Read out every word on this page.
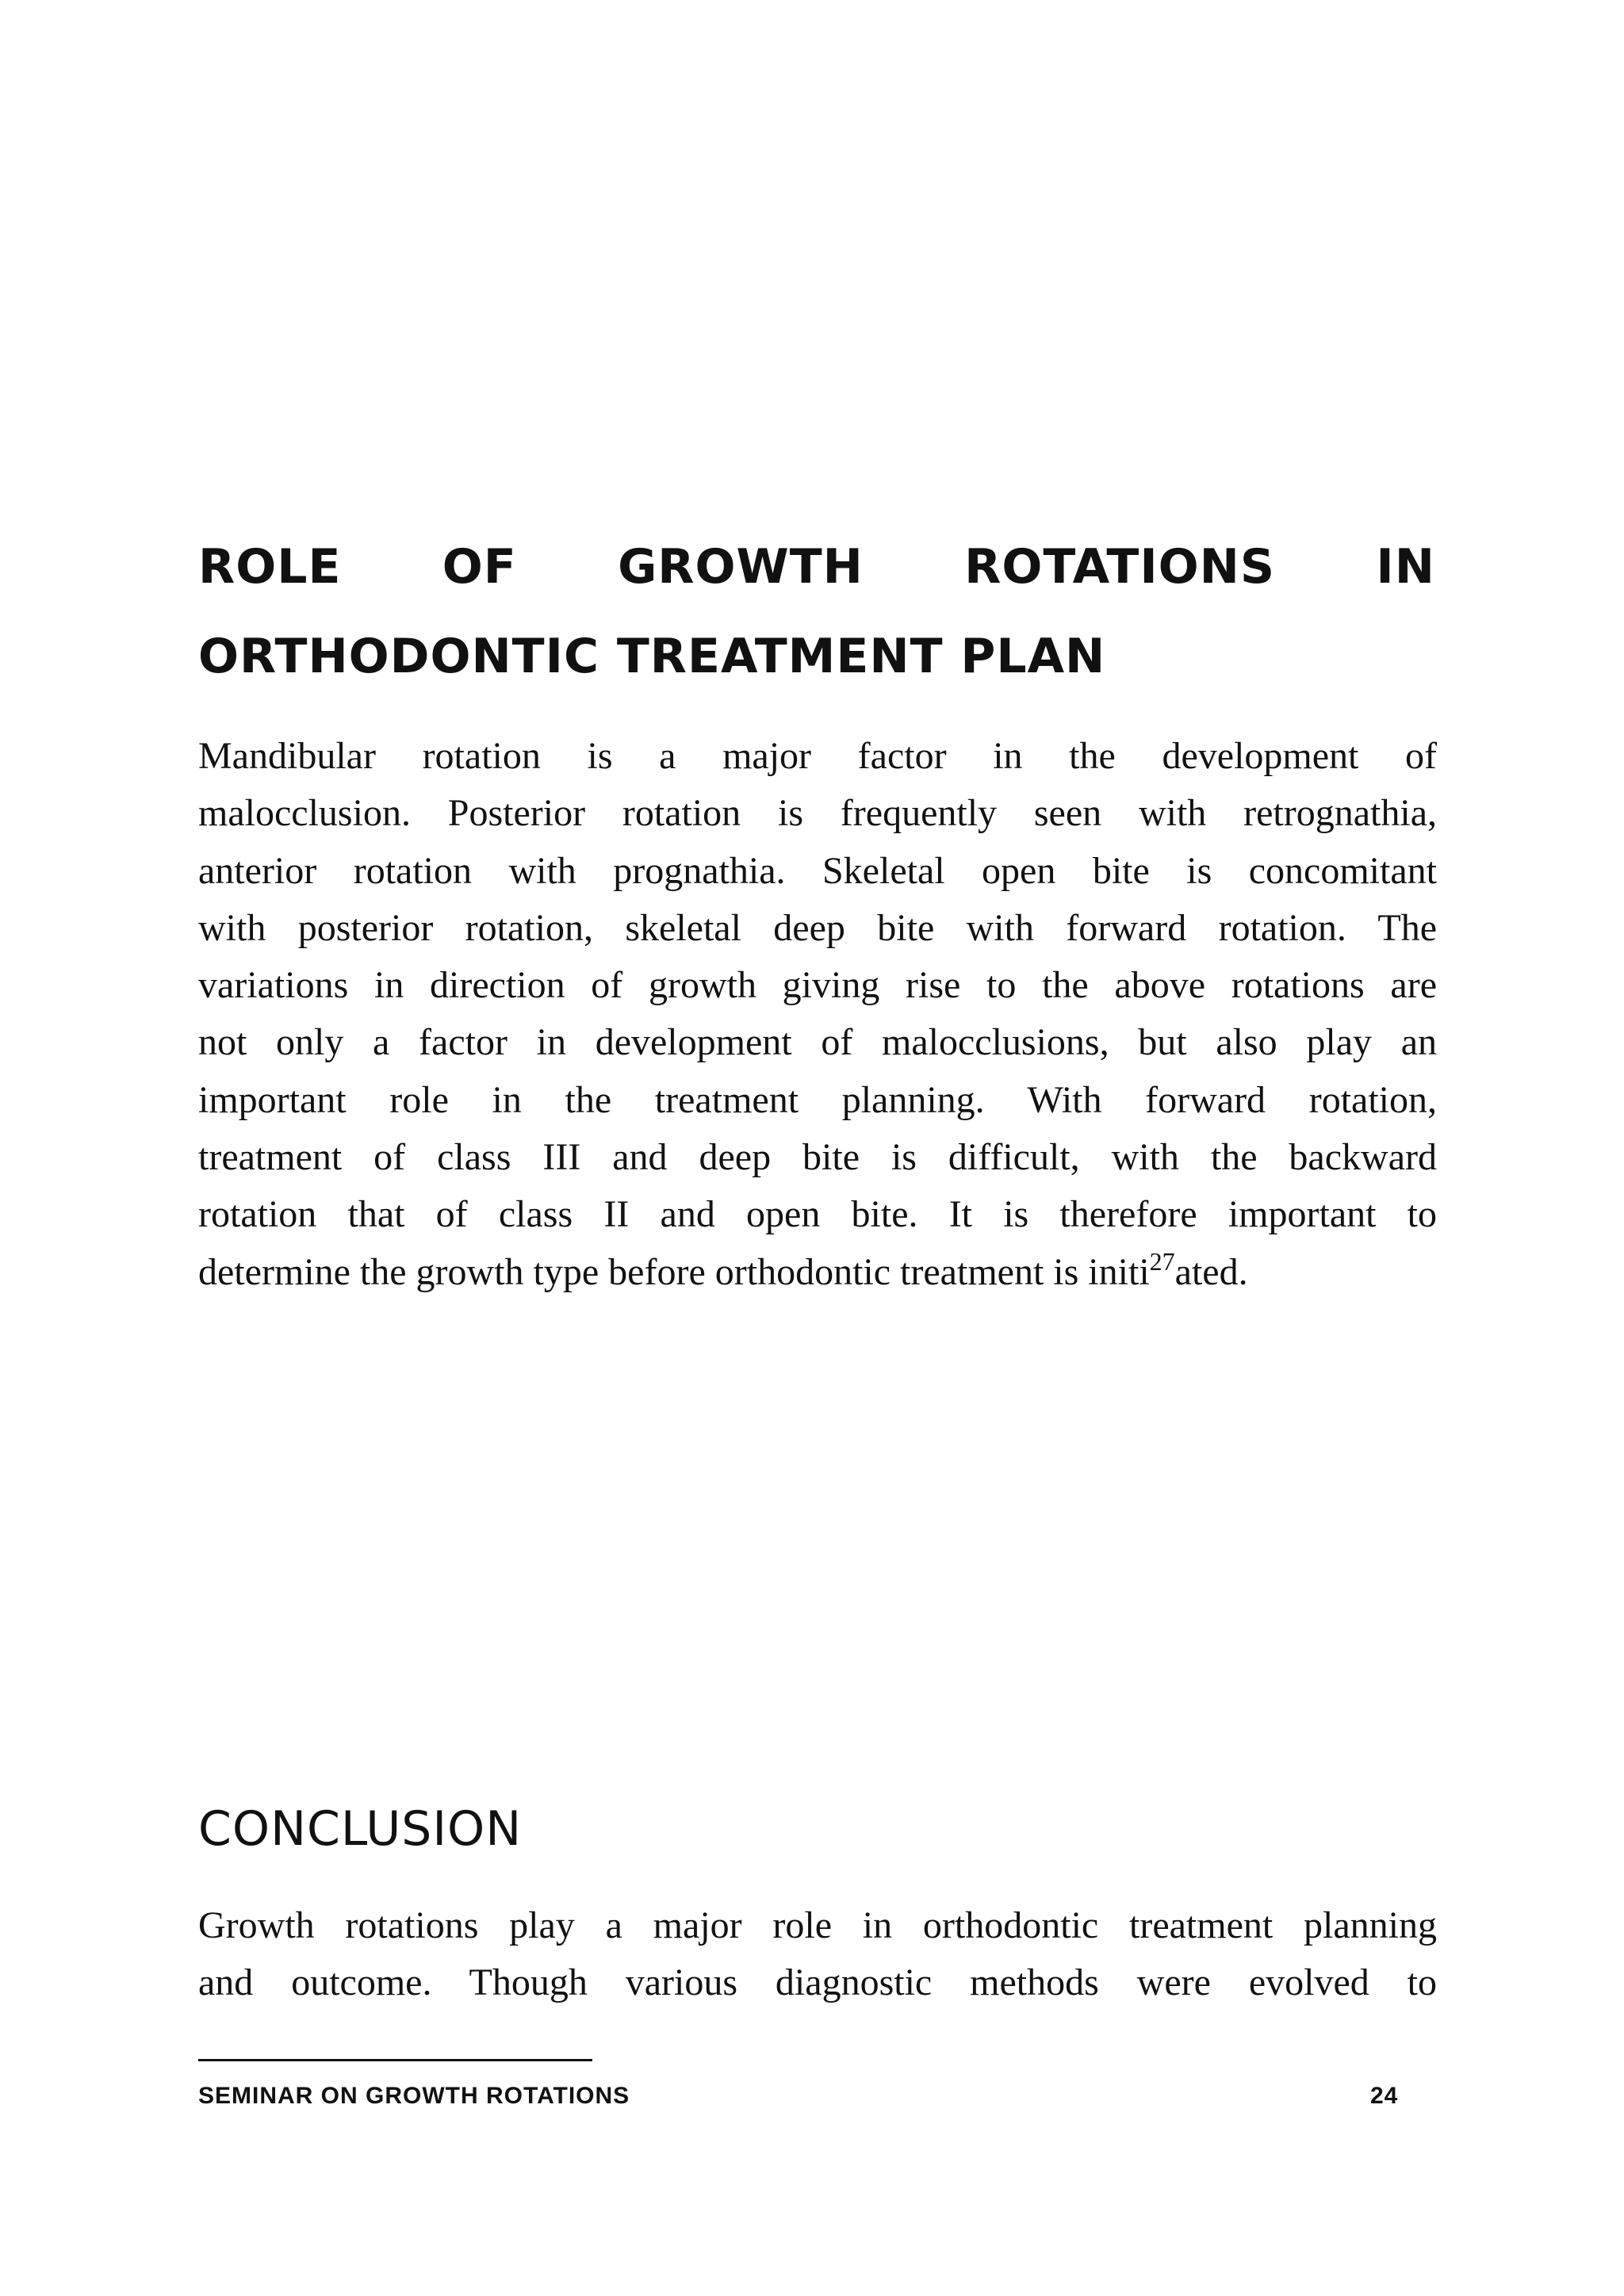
ROLE OF GROWTH ROTATIONS IN
ORTHODONTIC TREATMENT PLAN
Mandibular rotation is a major factor in the development of
malocclusion. Posterior rotation is frequently seen with retrognathia,
anterior rotation with prognathia. Skeletal open bite is concomitant
with posterior rotation, skeletal deep bite with forward rotation. The
variations in direction of growth giving rise to the above rotations are
not only a factor in development of malocclusions, but also play an
important role in the treatment planning. With forward rotation,
treatment of class III and deep bite is difficult, with the backward
rotation that of class II and open bite. It is therefore important to
determine the growth type before orthodontic treatment is initi$^{27}$ated.
CONCLUSION
Growth rotations play a major role in orthodontic treatment planning
and outcome. Though various diagnostic methods were evolved to
SEMINAR ON GROWTH ROTATIONS	24
